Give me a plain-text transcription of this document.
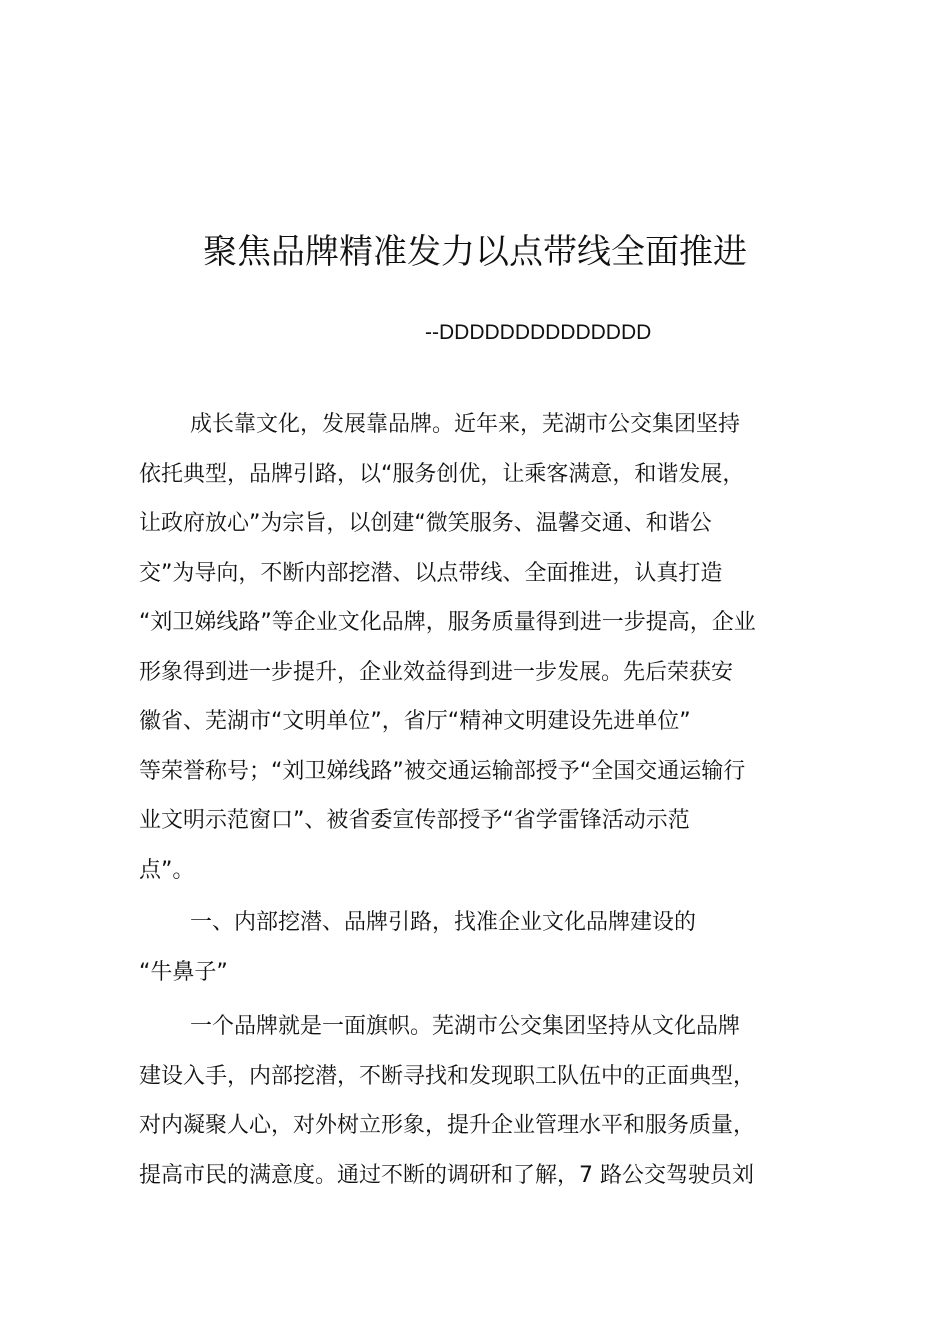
聚焦品牌精准发力以点带线全面推进

--DDDDDDDDDDDDDD

成长靠文化，发展靠品牌。近年来，芜湖市公交集团坚持
依托典型，品牌引路，以“服务创优，让乘客满意，和谐发展，
让政府放心”为宗旨，以创建“微笑服务、温馨交通、和谐公
交”为导向，不断内部挖潜、以点带线、全面推进，认真打造
“刘卫娣线路”等企业文化品牌，服务质量得到进一步提高，企业
形象得到进一步提升，企业效益得到进一步发展。先后荣获安
徽省、芜湖市“文明单位”，省厅“精神文明建设先进单位”
等荣誉称号；“刘卫娣线路”被交通运输部授予“全国交通运输行
业文明示范窗口”、被省委宣传部授予“省学雷锋活动示范
点”。
一、内部挖潜、品牌引路，找准企业文化品牌建设的
“牛鼻子”
一个品牌就是一面旗帜。芜湖市公交集团坚持从文化品牌
建设入手，内部挖潜，不断寻找和发现职工队伍中的正面典型，
对内凝聚人心，对外树立形象，提升企业管理水平和服务质量，
提高市民的满意度。通过不断的调研和了解，7 路公交驾驶员刘
